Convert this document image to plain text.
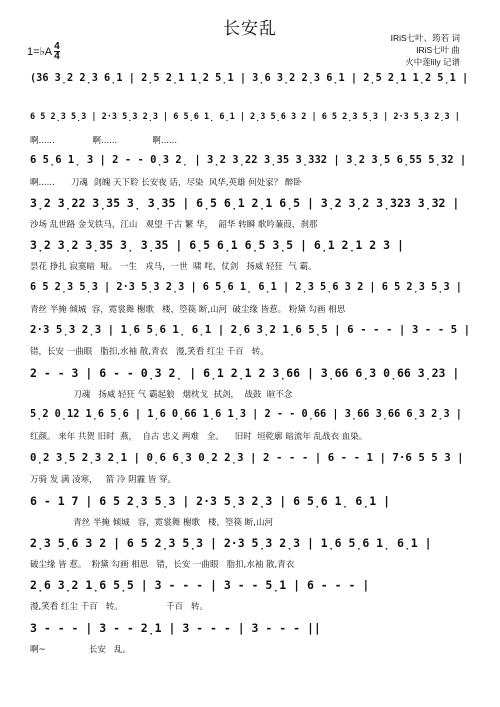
长安乱	IRiS七叶、筠若 词
IRiS七叶 曲
火中莲lily 记谱
1=♭A $\frac{4}{4}$
(36 3̣2 2̣3 6̣1 | 2̣5 2̣1 1̣2 5̣1 | 3̣6 3̣2 2̣3 6̣1 | 2̣5 2̣1 1̣2 5̣1 |
6 5 2̣3 5̣3 | 2·3 5̣3 2̣3 | 6 5̣6 1̣ 6̣1 | 2̣3 5̣6 3 2 | 6 5 2̣3 5̣3 | 2·3 5̣3 2̣3 |
啊......              啊......             啊......
6 5̣6 1̣ 3 | 2 - - 0̣3 2̣ | 3̣2 3̣22 3̣35 3̣332 | 3̣2 3̣5 6̣55 5̣32 |
啊......      刀魂  剑魄 天下聆 长安夜 话，尽染  风华,英雄 何处家？ 醉卧
3̣2 3̣22 3̣35 3̣ 3̣35 | 6̣5 6̣1 2̣1 6̣5 | 3̣2 3̣2 3̣323 3̣32 |
沙场 乱世路 金戈铁马，江山   观望 千古 繁 华，  韶华 转瞬 歌吟蒹葭，刹那
3̣2 3̣2 3̣35 3̣ 3̣35 | 6̣5 6̣1 6̣5 3̣5 | 6̣1 2̣1 2 3 |
昙花 挣扎 寂寞暗  哑。 一生   戎马，一世  啸 咤，仗剑   扬威 轻狂  气 霸。
6 5 2̣3 5̣3 | 2·3 5̣3 2̣3 | 6 5̣6 1̣ 6̣1 | 2̣3 5̣6 3 2 | 6 5 2̣3 5̣3 |
青丝 半掩 倾城  容，霓裳舞 榭歌   楼，箜篌 断,山河  破尘缘 皆惹。 粉黛 勾画 相思
2·3 5̣3 2̣3 | 1̣6 5̣6 1̣ 6̣1 | 2̣6 3̣2 1̣6 5̣5 | 6 - - - | 3 - - 5 |
错，长安 一曲眼   脂扣,水袖 散,青衣   漫,笑看 红尘 千百   转。
2 - - 3 | 6 - - 0̣3 2̣ | 6̣1 2̣1 2 3̣66 | 3̣66 6̣3 0̣66 3̣23 |
刀魂   扬威 轻狂 气 霸起狼   烟枕戈  拭剑，  战鼓  暄不念
5̣2 0̣12 1̣6 5̣6 | 1̣6 0̣66 1̣6 1̣3 | 2 - - 0̣66 | 3̣66 3̣66 6̣3 2̣3 |
红颜。 来年 共贺 旧时  燕，  自古 忠义 两难   全。    旧时  垣乾廓 暗流年 乱战衣 血染。
0̣2 3̣5 2̣3 2̣1 | 0̣6 6̣3 0̣2 2̣3 | 2 - - - | 6 - - 1 | 7·6 5 5 3 |
万骑 发 满 凌寒，   箭 冷 阴霾 皆 穿。
6 - 1 7 | 6 5 2̣3 5̣3 | 2·3 5̣3 2̣3 | 6 5̣6 1̣ 6̣1 |
青丝 半掩 倾城   容，霓裳舞 榭歌   楼，箜篌 断,山河
2̣3 5̣6 3 2 | 6 5 2̣3 5̣3 | 2·3 5̣3 2̣3 | 1̣6 5̣6 1̣ 6̣1 |
破尘缘 皆 惹。  粉黛 勾画 相思   错，长安 一曲眼   脂扣,水袖 散,青衣
2̣6 3̣2 1̣6 5̣5 | 3 - - - | 3 - - 5̣1 | 6 - - - |
漫,笑看 红尘 千百   转。                千百   转。
3 - - - | 3 - - 2̣1 | 3 - - - | 3 - - - ||
啊~                长安   乱。
